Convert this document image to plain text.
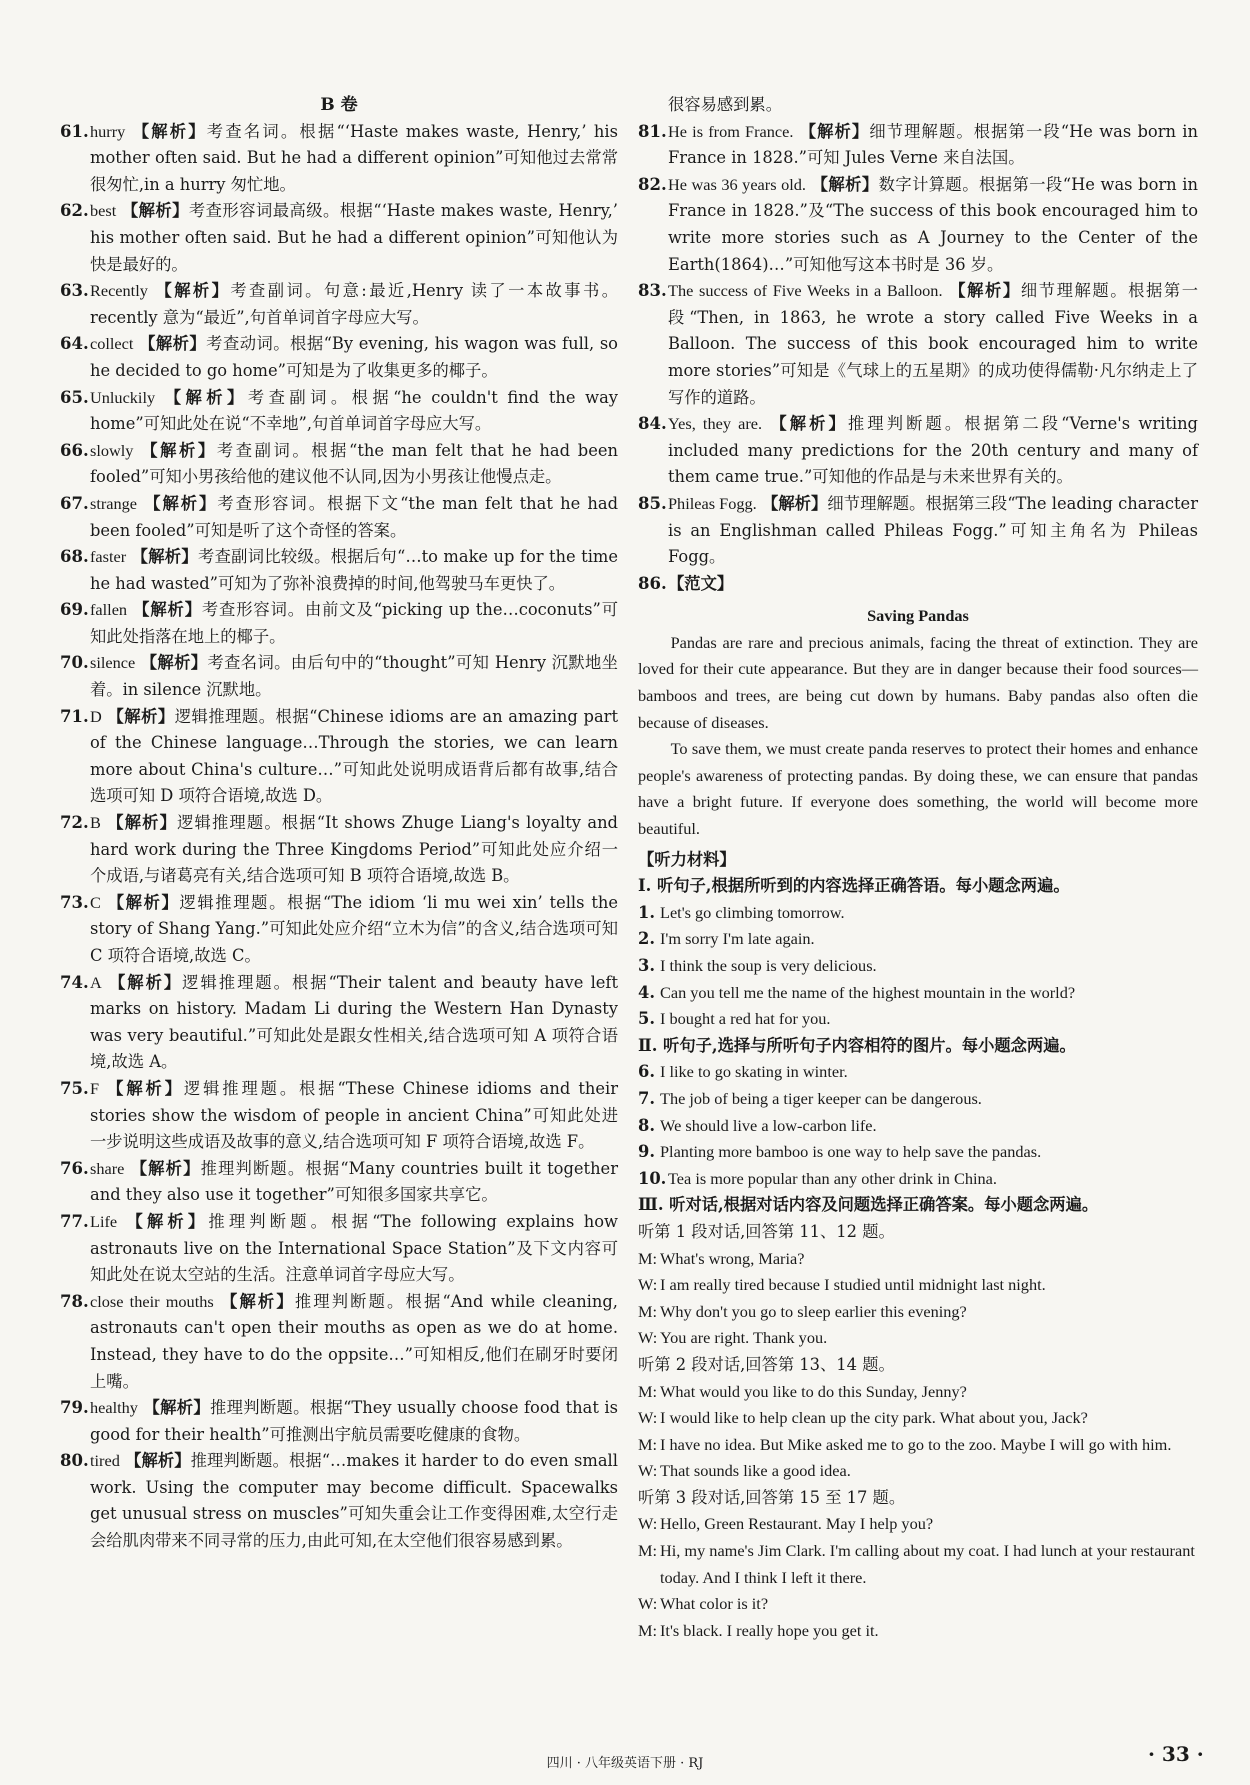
B 卷

61. hurry 【解析】考查名词。根据“‘Haste makes waste, Henry,’ his mother often said. But he had a different opinion”可知他过去常常很匆忙,in a hurry 匆忙地。
62. best 【解析】考查形容词最高级。根据“‘Haste makes waste, Henry,’ his mother often said. But he had a different opinion”可知他认为快是最好的。
63. Recently 【解析】考查副词。句意:最近,Henry 读了一本故事书。recently 意为“最近”,句首单词首字母应大写。
64. collect 【解析】考查动词。根据“By evening, his wagon was full, so he decided to go home”可知是为了收集更多的椰子。
65. Unluckily 【解析】考查副词。根据“he couldn't find the way home”可知此处在说“不幸地”,句首单词首字母应大写。
66. slowly 【解析】考查副词。根据“the man felt that he had been fooled”可知小男孩给他的建议他不认同,因为小男孩让他慢点走。
67. strange 【解析】考查形容词。根据下文“the man felt that he had been fooled”可知是听了这个奇怪的答案。
68. faster 【解析】考查副词比较级。根据后句“…to make up for the time he had wasted”可知为了弥补浪费掉的时间,他驾驶马车更快了。
69. fallen 【解析】考查形容词。由前文及“picking up the…coconuts”可知此处指落在地上的椰子。
70. silence 【解析】考查名词。由后句中的“thought”可知 Henry 沉默地坐着。in silence 沉默地。
71. D 【解析】逻辑推理题。根据“Chinese idioms are an amazing part of the Chinese language…Through the stories, we can learn more about China's culture…”可知此处说明成语背后都有故事,结合选项可知 D 项符合语境,故选 D。
72. B 【解析】逻辑推理题。根据“It shows Zhuge Liang's loyalty and hard work during the Three Kingdoms Period”可知此处应介绍一个成语,与诸葛亮有关,结合选项可知 B 项符合语境,故选 B。
73. C 【解析】逻辑推理题。根据“The idiom ‘li mu wei xin’ tells the story of Shang Yang.”可知此处应介绍“立木为信”的含义,结合选项可知 C 项符合语境,故选 C。
74. A 【解析】逻辑推理题。根据“Their talent and beauty have left marks on history. Madam Li during the Western Han Dynasty was very beautiful.”可知此处是跟女性相关,结合选项可知 A 项符合语境,故选 A。
75. F 【解析】逻辑推理题。根据“These Chinese idioms and their stories show the wisdom of people in ancient China”可知此处进一步说明这些成语及故事的意义,结合选项可知 F 项符合语境,故选 F。
76. share 【解析】推理判断题。根据“Many countries built it together and they also use it together”可知很多国家共享它。
77. Life 【解析】推理判断题。根据“The following explains how astronauts live on the International Space Station”及下文内容可知此处在说太空站的生活。注意单词首字母应大写。
78. close their mouths 【解析】推理判断题。根据“And while cleaning, astronauts can't open their mouths as open as we do at home. Instead, they have to do the oppsite…”可知相反,他们在刷牙时要闭上嘴。
79. healthy 【解析】推理判断题。根据“They usually choose food that is good for their health”可推测出宇航员需要吃健康的食物。
80. tired 【解析】推理判断题。根据“…makes it harder to do even small work. Using the computer may become difficult. Spacewalks get unusual stress on muscles”可知失重会让工作变得困难,太空行走会给肌肉带来不同寻常的压力,由此可知,在太空他们很容易感到累。
很容易感到累。
81. He is from France. 【解析】细节理解题。根据第一段“He was born in France in 1828.”可知 Jules Verne 来自法国。
82. He was 36 years old. 【解析】数字计算题。根据第一段“He was born in France in 1828.”及“The success of this book encouraged him to write more stories such as A Journey to the Center of the Earth(1864)…”可知他写这本书时是 36 岁。
83. The success of Five Weeks in a Balloon. 【解析】细节理解题。根据第一段“Then, in 1863, he wrote a story called Five Weeks in a Balloon. The success of this book encouraged him to write more stories”可知是《气球上的五星期》的成功使得儒勒·凡尔纳走上了写作的道路。
84. Yes, they are. 【解析】推理判断题。根据第二段“Verne's writing included many predictions for the 20th century and many of them came true.”可知他的作品是与未来世界有关的。
85. Phileas Fogg. 【解析】细节理解题。根据第三段“The leading character is an Englishman called Phileas Fogg.”可知主角名为 Phileas Fogg。
86. 【范文】

Saving Pandas

Pandas are rare and precious animals, facing the threat of extinction. They are loved for their cute appearance. But they are in danger because their food sources—bamboos and trees, are being cut down by humans. Baby pandas also often die because of diseases.

To save them, we must create panda reserves to protect their homes and enhance people's awareness of protecting pandas. By doing these, we can ensure that pandas have a bright future. If everyone does something, the world will become more beautiful.

【听力材料】

Ⅰ. 听句子,根据所听到的内容选择正确答语。每小题念两遍。

1. Let's go climbing tomorrow.

2. I'm sorry I'm late again.

3. I think the soup is very delicious.

4. Can you tell me the name of the highest mountain in the world?

5. I bought a red hat for you.

Ⅱ. 听句子,选择与所听句子内容相符的图片。每小题念两遍。

6. I like to go skating in winter.

7. The job of being a tiger keeper can be dangerous.

8. We should live a low-carbon life.

9. Planting more bamboo is one way to help save the pandas.

10. Tea is more popular than any other drink in China.

Ⅲ. 听对话,根据对话内容及问题选择正确答案。每小题念两遍。

听第 1 段对话,回答第 11、12 题。

M: What's wrong, Maria?
W: I am really tired because I studied until midnight last night.
M: Why don't you go to sleep earlier this evening?
W: You are right. Thank you.

听第 2 段对话,回答第 13、14 题。

M: What would you like to do this Sunday, Jenny?
W: I would like to help clean up the city park. What about you, Jack?
M: I have no idea. But Mike asked me to go to the zoo. Maybe I will go with him.
W: That sounds like a good idea.

听第 3 段对话,回答第 15 至 17 题。

W: Hello, Green Restaurant. May I help you?
M: Hi, my name's Jim Clark. I'm calling about my coat. I had lunch at your restaurant today. And I think I left it there.
W: What color is it?
M: It's black. I really hope you get it.
四川 · 八年级英语下册 · RJ	· 33 ·
